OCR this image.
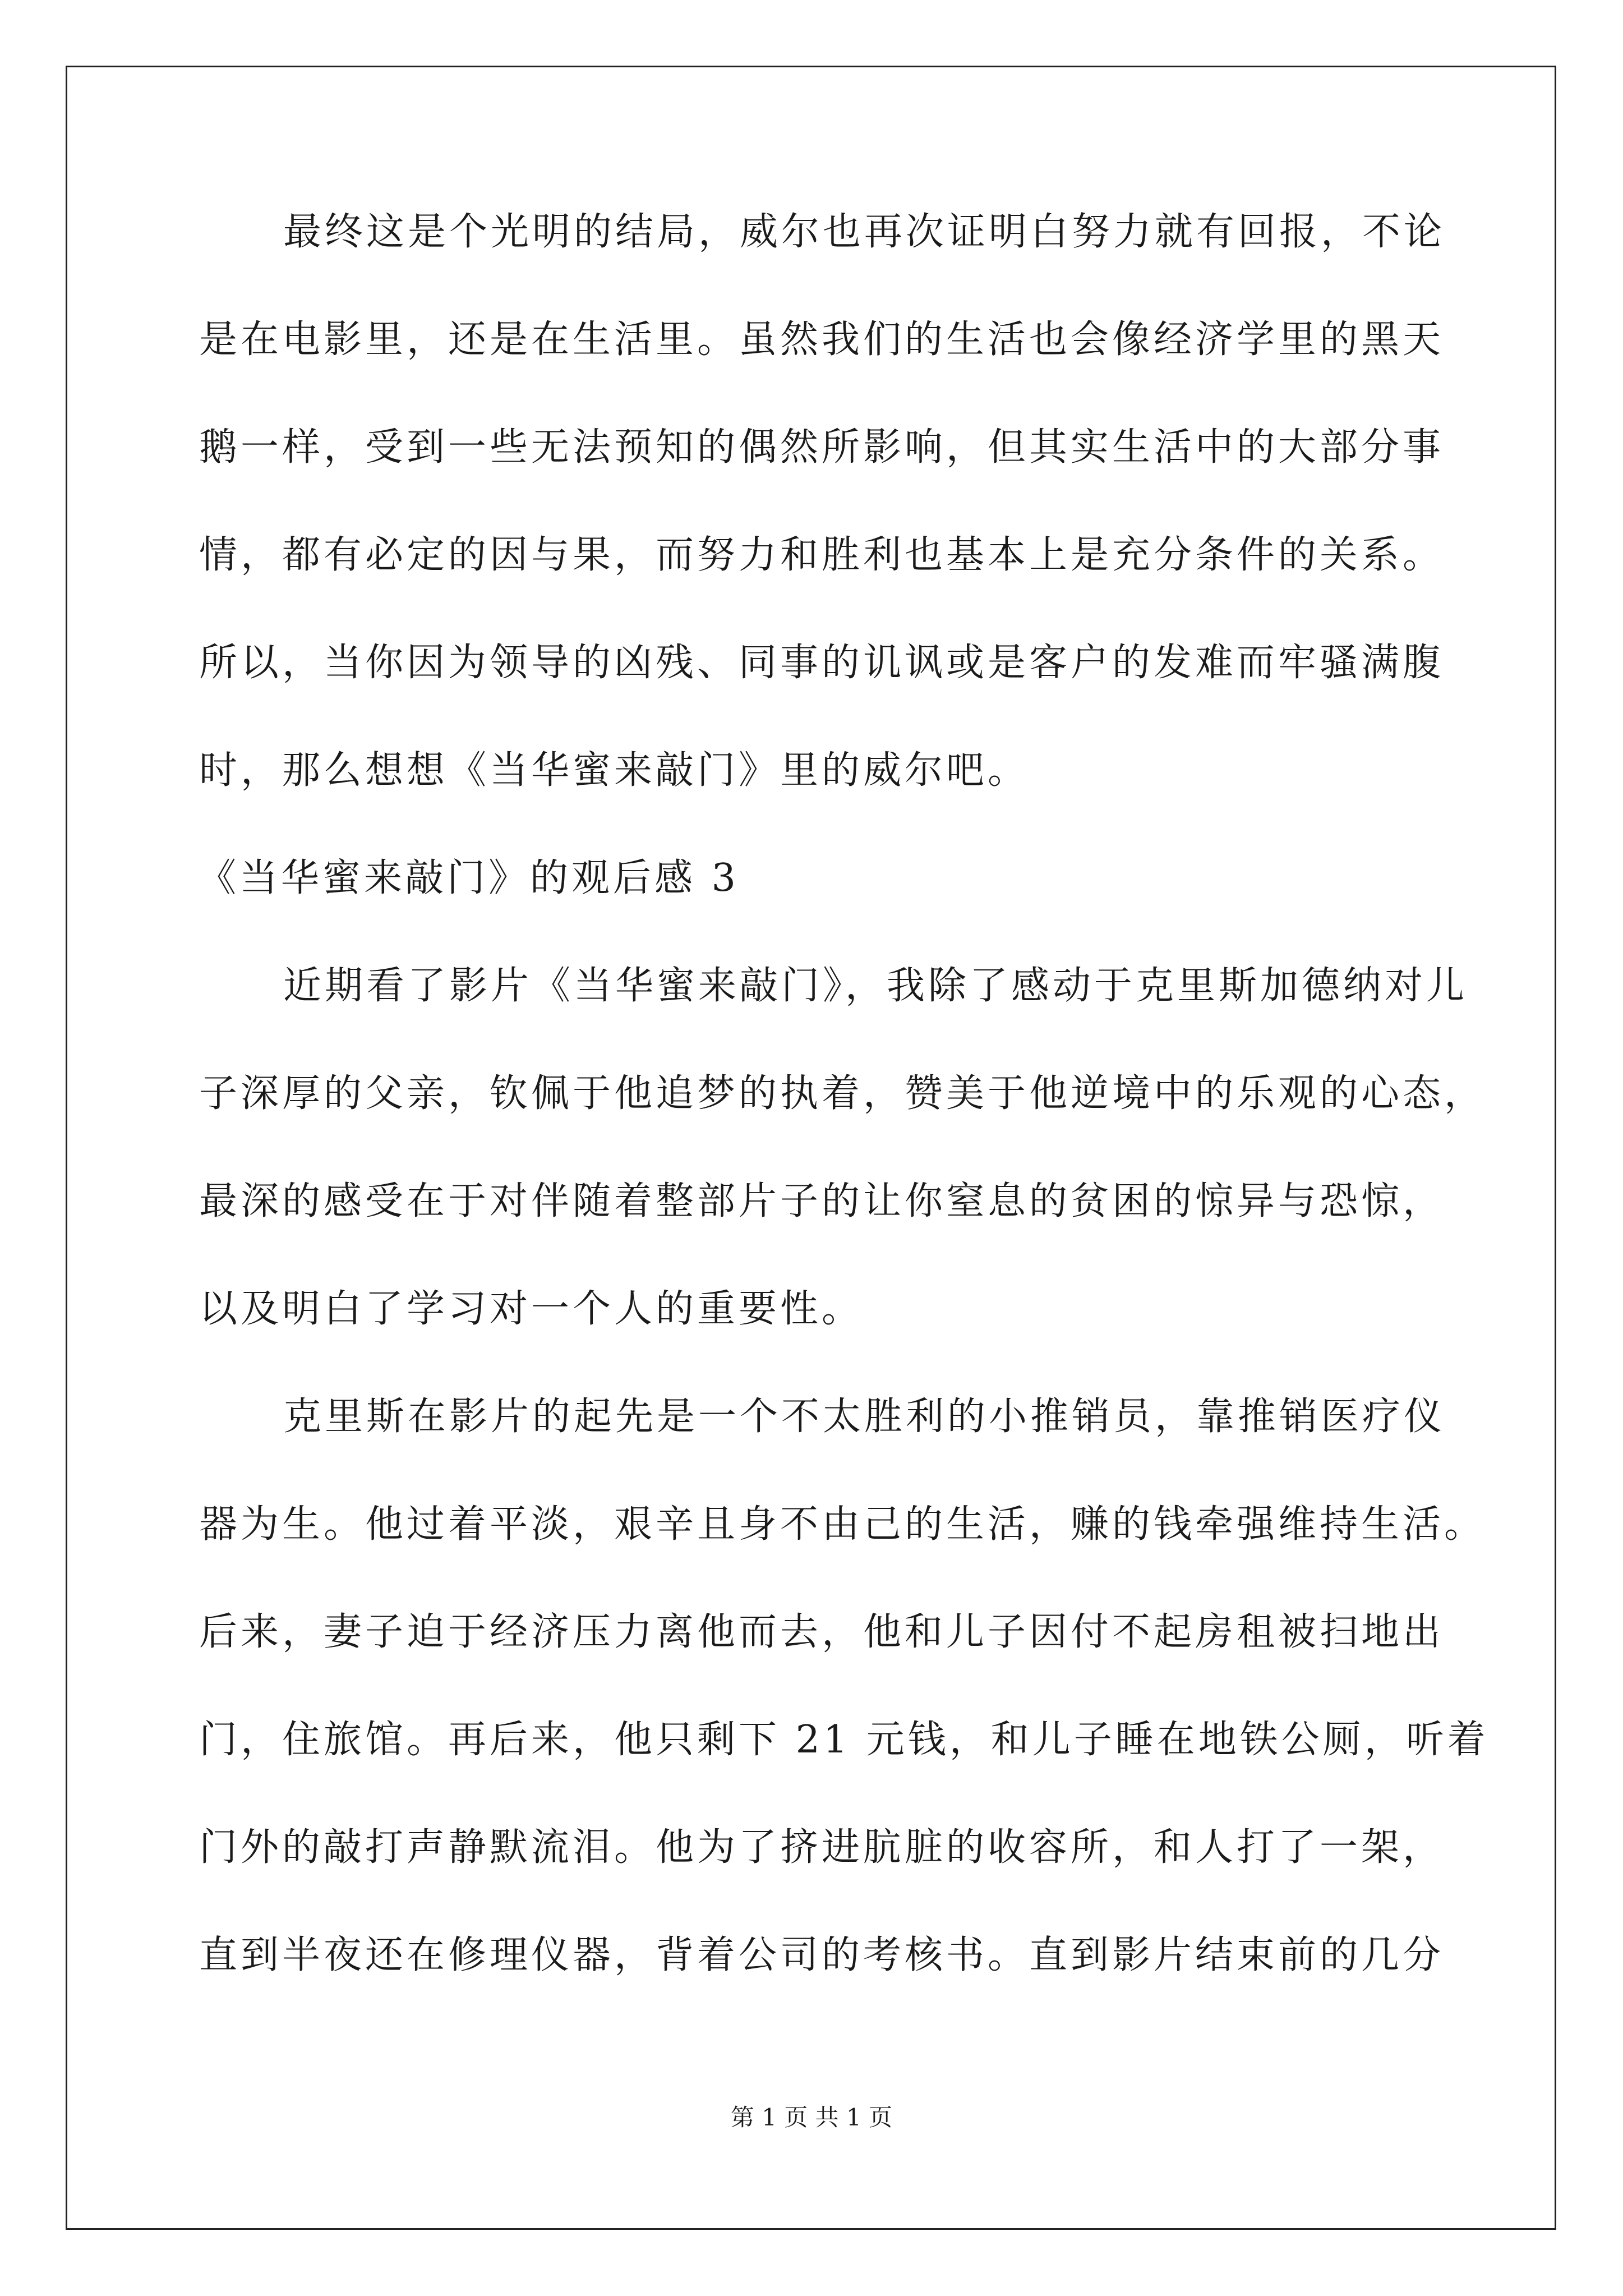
最终这是个光明的结局，威尔也再次证明白努力就有回报，不论
是在电影里，还是在生活里。虽然我们的生活也会像经济学里的黑天
鹅一样，受到一些无法预知的偶然所影响，但其实生活中的大部分事
情，都有必定的因与果，而努力和胜利也基本上是充分条件的关系。
所以，当你因为领导的凶残、同事的讥讽或是客户的发难而牢骚满腹
时，那么想想《当华蜜来敲门》里的威尔吧。
《当华蜜来敲门》的观后感 3
近期看了影片《当华蜜来敲门》，我除了感动于克里斯加德纳对儿
子深厚的父亲，钦佩于他追梦的执着，赞美于他逆境中的乐观的心态，
最深的感受在于对伴随着整部片子的让你窒息的贫困的惊异与恐惊，
以及明白了学习对一个人的重要性。
克里斯在影片的起先是一个不太胜利的小推销员，靠推销医疗仪
器为生。他过着平淡，艰辛且身不由己的生活，赚的钱牵强维持生活。
后来，妻子迫于经济压力离他而去，他和儿子因付不起房租被扫地出
门，住旅馆。再后来，他只剩下 21 元钱，和儿子睡在地铁公厕，听着
门外的敲打声静默流泪。他为了挤进肮脏的收容所，和人打了一架，
直到半夜还在修理仪器，背着公司的考核书。直到影片结束前的几分
第 1 页 共 1 页
